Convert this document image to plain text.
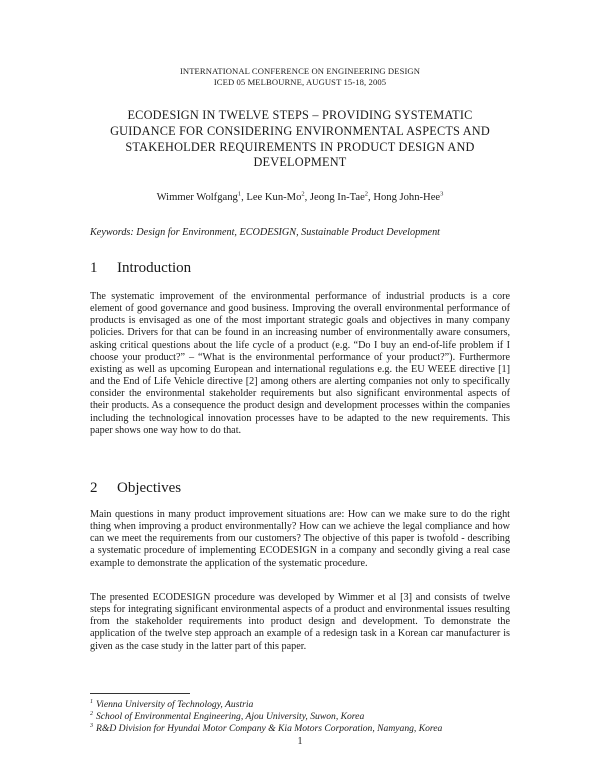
INTERNATIONAL CONFERENCE ON ENGINEERING DESIGN
ICED 05 MELBOURNE, AUGUST 15-18, 2005
ECODESIGN IN TWELVE STEPS – PROVIDING SYSTEMATIC GUIDANCE FOR CONSIDERING ENVIRONMENTAL ASPECTS AND STAKEHOLDER REQUIREMENTS IN PRODUCT DESIGN AND DEVELOPMENT
Wimmer Wolfgang$^1$, Lee Kun-Mo$^2$, Jeong In-Tae$^2$, Hong John-Hee$^3$
Keywords: Design for Environment, ECODESIGN, Sustainable Product Development
1 Introduction

The systematic improvement of the environmental performance of industrial products is a core element of good governance and good business. Improving the overall environmental performance of products is envisaged as one of the most important strategic goals and objectives in many company policies. Drivers for that can be found in an increasing number of environmentally aware consumers, asking critical questions about the life cycle of a product (e.g. “Do I buy an end-of-life problem if I choose your product?” – “What is the environmental performance of your product?”). Furthermore existing as well as upcoming European and international regulations e.g. the EU WEEE directive [1] and the End of Life Vehicle directive [2] among others are alerting companies not only to specifically consider the environmental stakeholder requirements but also significant environmental aspects of their products. As a consequence the product design and development processes within the companies including the technological innovation processes have to be adapted to the new requirements. This paper shows one way how to do that.

2 Objectives

Main questions in many product improvement situations are: How can we make sure to do the right thing when improving a product environmentally? How can we achieve the legal compliance and how can we meet the requirements from our customers? The objective of this paper is twofold - describing a systematic procedure of implementing ECODESIGN in a company and secondly giving a real case example to demonstrate the application of the systematic procedure.

The presented ECODESIGN procedure was developed by Wimmer et al [3] and consists of twelve steps for integrating significant environmental aspects of a product and environmental issues resulting from the stakeholder requirements into product design and development. To demonstrate the application of the twelve step approach an example of a redesign task in a Korean car manufacturer is given as the case study in the latter part of this paper.

$^1$ Vienna University of Technology, Austria
$^2$ School of Environmental Engineering, Ajou University, Suwon, Korea
$^3$ R&D Division for Hyundai Motor Company & Kia Motors Corporation, Namyang, Korea
1
